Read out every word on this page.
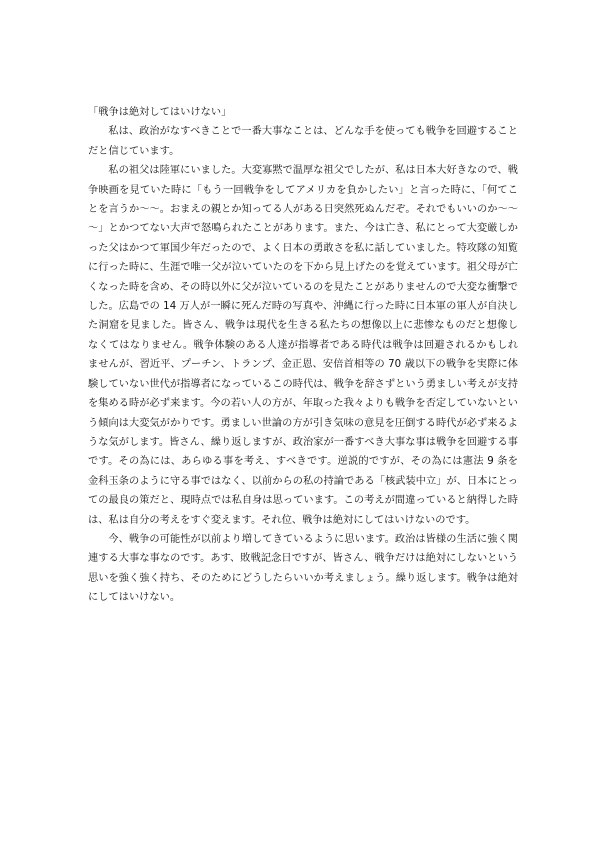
「戦争は絶対してはいけない」

私は、政治がなすべきことで一番大事なことは、どんな手を使っても戦争を回避することだと信じています。

私の祖父は陸軍にいました。大変寡黙で温厚な祖父でしたが、私は日本大好きなので、戦争映画を見ていた時に「もう一回戦争をしてアメリカを負かしたい」と言った時に、「何てことを言うか～～。おまえの親とか知ってる人がある日突然死ぬんだぞ。それでもいいのか～～～」とかつてない大声で怒鳴られたことがあります。また、今は亡き、私にとって大変厳しかった父はかつて軍国少年だったので、よく日本の勇敢さを私に話していました。特攻隊の知覧に行った時に、生涯で唯一父が泣いていたのを下から見上げたのを覚えています。祖父母が亡くなった時を含め、その時以外に父が泣いているのを見たことがありませんので大変な衝撃でした。広島での 14 万人が一瞬に死んだ時の写真や、沖縄に行った時に日本軍の軍人が自決した洞窟を見ました。皆さん、戦争は現代を生きる私たちの想像以上に悲惨なものだと想像しなくてはなりません。戦争体験のある人達が指導者である時代は戦争は回避されるかもしれませんが、習近平、プーチン、トランプ、金正恩、安倍首相等の 70 歳以下の戦争を実際に体験していない世代が指導者になっているこの時代は、戦争を辞さずという勇ましい考えが支持を集める時が必ず来ます。今の若い人の方が、年取った我々よりも戦争を否定していないという傾向は大変気がかりです。勇ましい世論の方が引き気味の意見を圧倒する時代が必ず来るような気がします。皆さん、繰り返しますが、政治家が一番すべき大事な事は戦争を回避する事です。その為には、あらゆる事を考え、すべきです。逆説的ですが、その為には憲法 9 条を金科玉条のように守る事ではなく、以前からの私の持論である「核武装中立」が、日本にとっての最良の策だと、現時点では私自身は思っています。この考えが間違っていると納得した時は、私は自分の考えをすぐ変えます。それ位、戦争は絶対にしてはいけないのです。

今、戦争の可能性が以前より増してきているように思います。政治は皆様の生活に強く関連する大事な事なのです。あす、敗戦記念日ですが、皆さん、戦争だけは絶対にしないという思いを強く強く持ち、そのためにどうしたらいいか考えましょう。繰り返します。戦争は絶対にしてはいけない。
